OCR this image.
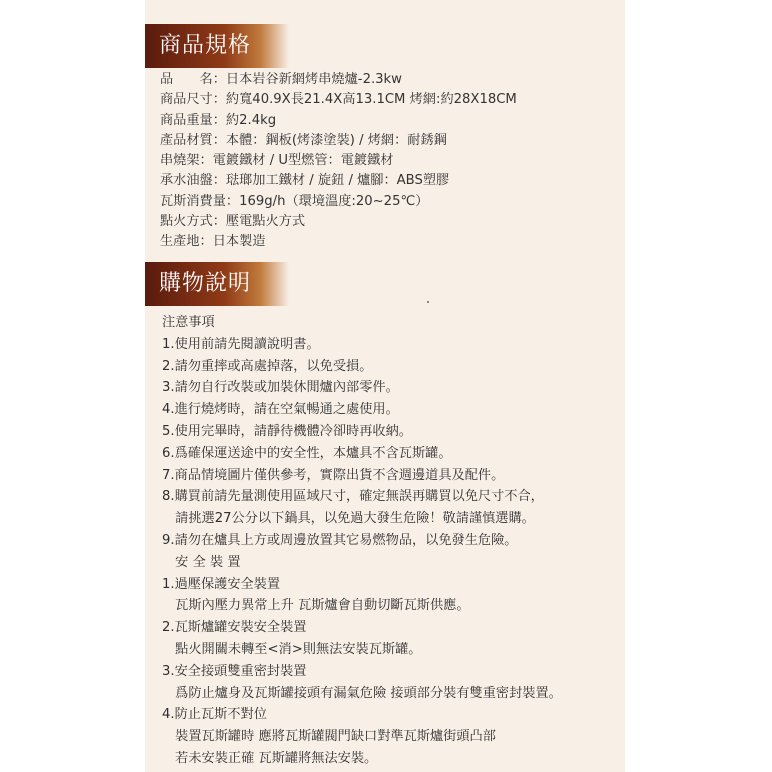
商品規格
品　　名：日本岩谷新網烤串燒爐-2.3kw
商品尺寸：約寬40.9X長21.4X高13.1CM 烤網:約28X18CM
商品重量：約2.4kg
產品材質：本體：鋼板(烤漆塗裝) / 烤網：耐銹鋼
串燒架：電鍍鐵材 / U型燃管：電鍍鐵材
承水油盤：琺瑯加工鐵材 / 旋鈕 / 爐腳：ABS塑膠
瓦斯消費量：169g/h（環境溫度:20~25℃）
點火方式：壓電點火方式
生產地：日本製造
購物說明
注意事項
1.使用前請先閱讀說明書。
2.請勿重摔或高處掉落，以免受損。
3.請勿自行改裝或加裝休閒爐內部零件。
4.進行燒烤時，請在空氣暢通之處使用。
5.使用完畢時，請靜待機體冷卻時再收納。
6.爲確保運送途中的安全性，本爐具不含瓦斯罐。
7.商品情境圖片僅供參考，實際出貨不含週邊道具及配件。
8.購買前請先量測使用區域尺寸，確定無誤再購買以免尺寸不合，
　請挑選27公分以下鍋具，以免過大發生危險！敬請謹慎選購。
9.請勿在爐具上方或周邊放置其它易燃物品，以免發生危險。
　安 全 裝 置
1.過壓保護安全裝置
　瓦斯內壓力異常上升 瓦斯爐會自動切斷瓦斯供應。
2.瓦斯爐罐安裝安全裝置
　點火開關未轉至<消>則無法安裝瓦斯罐。
3.安全接頭雙重密封裝置
　爲防止爐身及瓦斯罐接頭有漏氣危險 接頭部分裝有雙重密封裝置。
4.防止瓦斯不對位
　裝置瓦斯罐時 應將瓦斯罐閥門缺口對準瓦斯爐街頭凸部
　若未安裝正確 瓦斯罐將無法安裝。
